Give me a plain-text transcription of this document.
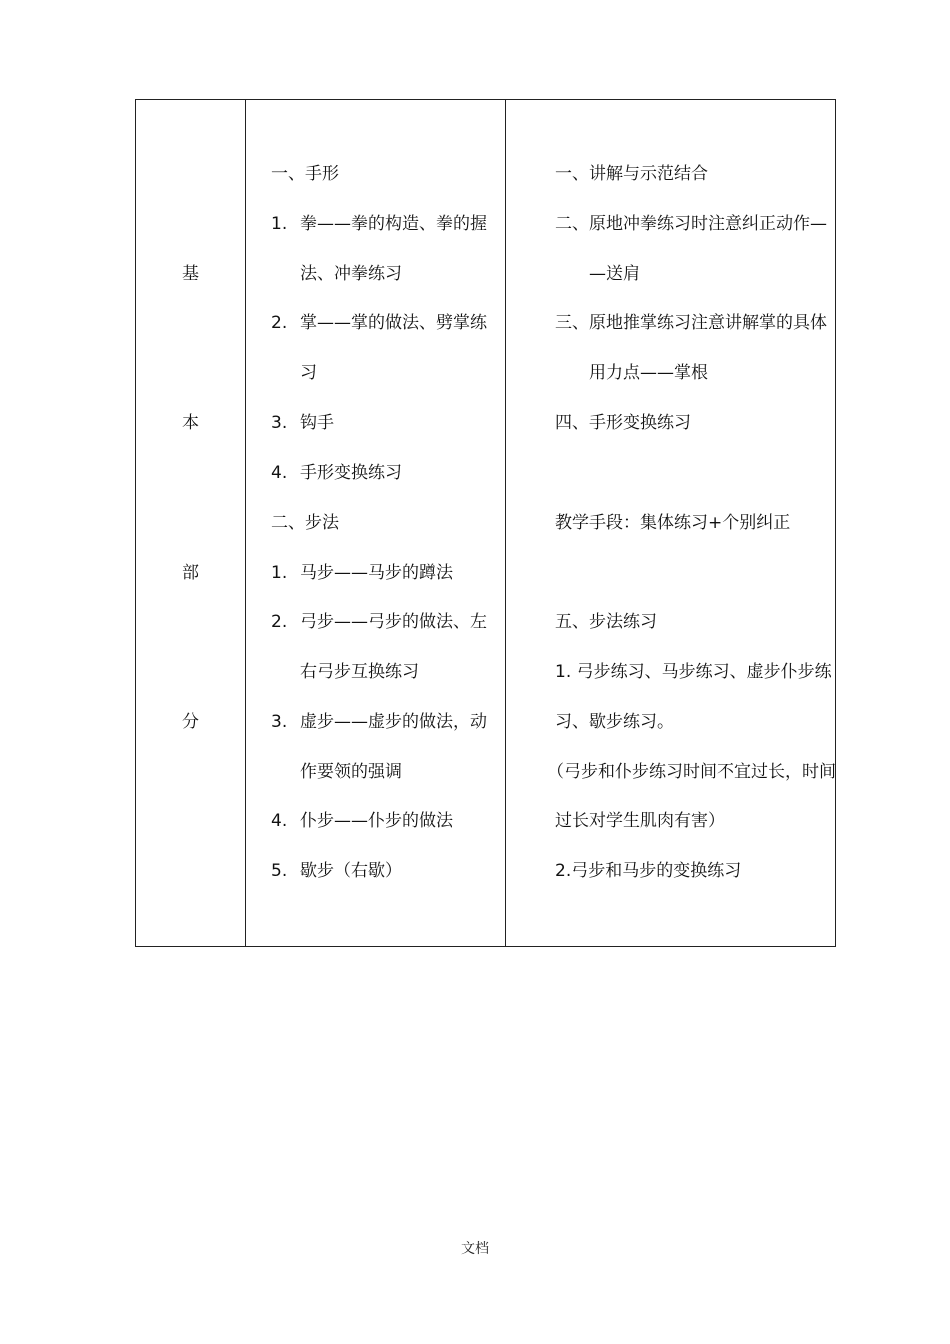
基
本
部
分
一、手形
1. 拳——拳的构造、拳的握
法、冲拳练习
2. 掌——掌的做法、劈掌练
习
3. 钩手
4. 手形变换练习
二、步法
1. 马步——马步的蹲法
2. 弓步——弓步的做法、左
右弓步互换练习
3. 虚步——虚步的做法，动
作要领的强调
4. 仆步——仆步的做法
5. 歇步（右歇）
一、讲解与示范结合
二、原地冲拳练习时注意纠正动作—
—送肩
三、原地推掌练习注意讲解掌的具体
用力点——掌根
四、手形变换练习
教学手段：集体练习+个别纠正
五、步法练习
1. 弓步练习、马步练习、虚步仆步练
习、歇步练习。
（弓步和仆步练习时间不宜过长，时间
过长对学生肌肉有害）
2.弓步和马步的变换练习
文档
